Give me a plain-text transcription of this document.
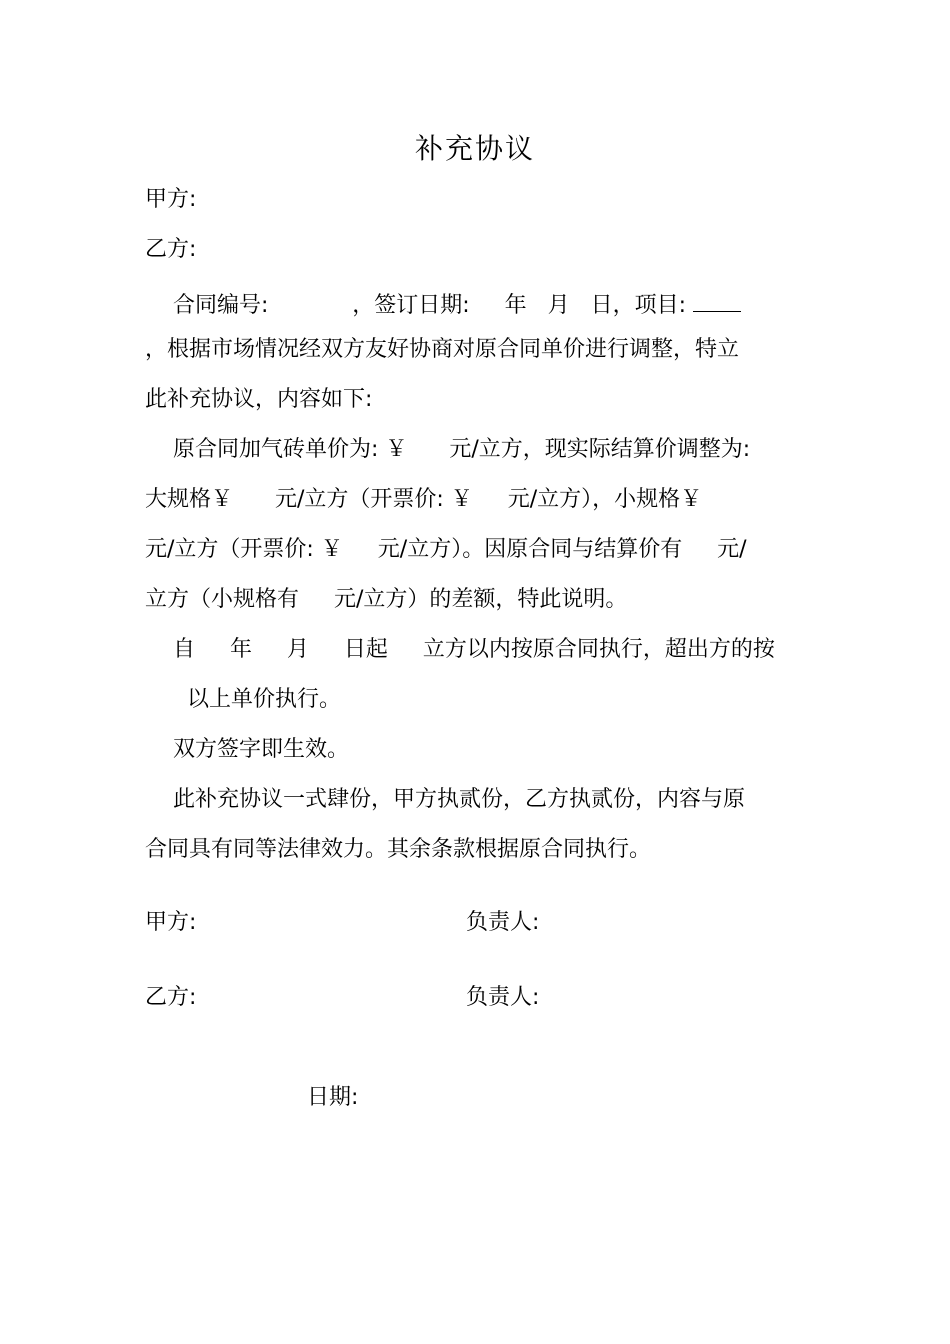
补充协议

甲方:

乙方:

合同编号:            ，签订日期:     年   月   日，项目:

，根据市场情况经双方友好协商对原合同单价进行调整，特立

此补充协议，内容如下:

原合同加气砖单价为: ￥      元/立方，现实际结算价调整为:

大规格￥      元/立方（开票价: ￥     元/立方），小规格￥

元/立方（开票价: ￥     元/立方）。因原合同与结算价有     元/

立方（小规格有     元/立方）的差额，特此说明。

自     年     月     日起     立方以内按原合同执行，超出方的按

以上单价执行。

双方签字即生效。

此补充协议一式肆份，甲方执贰份，乙方执贰份，内容与原

合同具有同等法律效力。其余条款根据原合同执行。

甲方:	负责人:

乙方:	负责人:

日期:
